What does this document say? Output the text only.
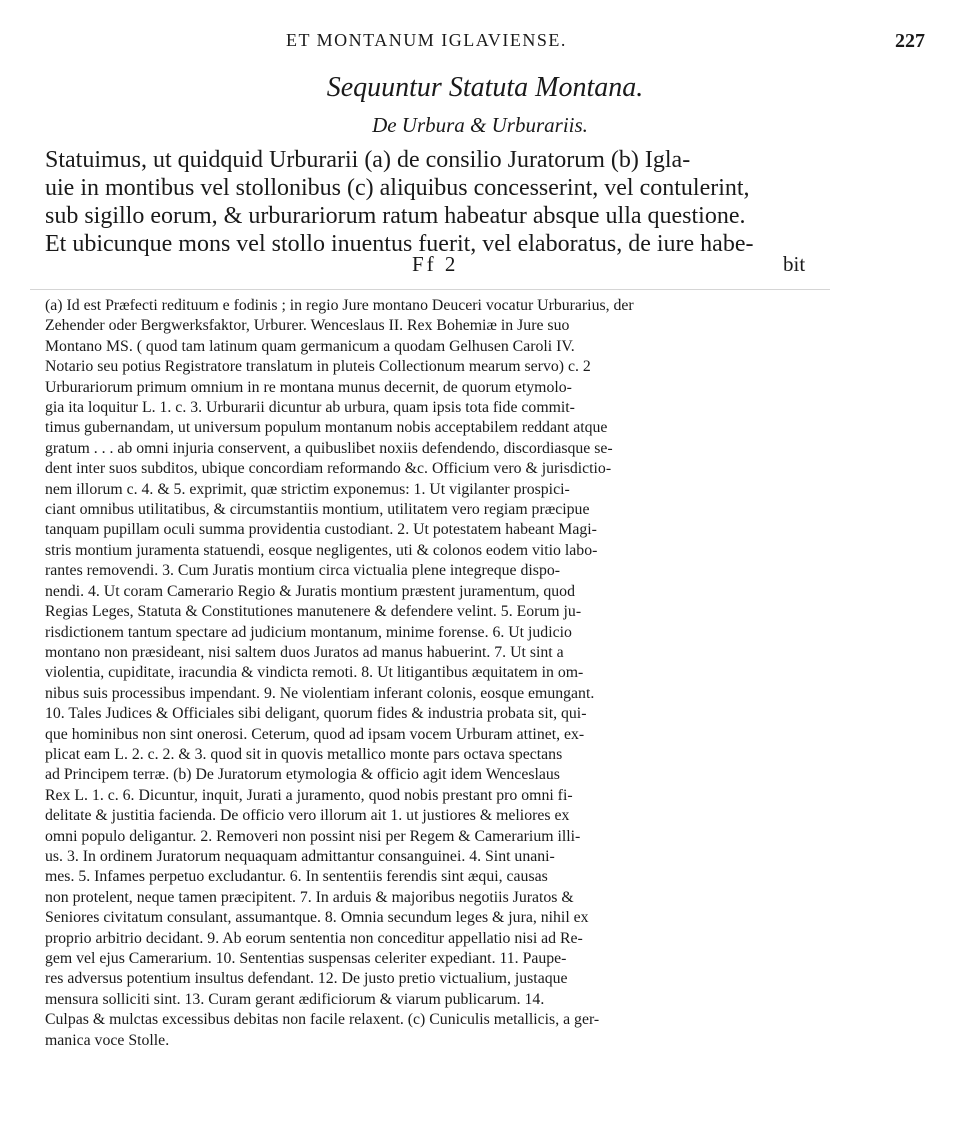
ET MONTANUM IGLAVIENSE.	227
Sequuntur Statuta Montana.
De Urbura & Urburariis.
Statuimus, ut quidquid Urburarii (a) de consilio Juratorum (b) Igla-
uie in montibus vel stollonibus (c) aliquibus concesserint, vel contulerint,
sub sigillo eorum, & urburariorum ratum habeatur absque ulla questione.
Et ubicunque mons vel stollo inuentus fuerit, vel elaboratus, de iure habe-
Ff 2	bit
(a) Id est Præfecti redituum e fodinis ; in regio Jure montano Deuceri vocatur Urburarius, der
Zehender oder Bergwerksfaktor, Urburer. Wenceslaus II. Rex Bohemiæ in Jure suo
Montano MS. ( quod tam latinum quam germanicum a quodam Gelhusen Caroli IV.
Notario seu potius Registratore translatum in pluteis Collectionum mearum servo) c. 2
Urburariorum primum omnium in re montana munus decernit, de quorum etymolo-
gia ita loquitur L. 1. c. 3. Urburarii dicuntur ab urbura, quam ipsis tota fide commit-
timus gubernandam, ut universum populum montanum nobis acceptabilem reddant atque
gratum . . . ab omni injuria conservent, a quibuslibet noxiis defendendo, discordiasque se-
dent inter suos subditos, ubique concordiam reformando &c. Officium vero & jurisdictio-
nem illorum c. 4. & 5. exprimit, quæ strictim exponemus: 1. Ut vigilanter prospici-
ciant omnibus utilitatibus, & circumstantiis montium, utilitatem vero regiam præcipue
tanquam pupillam oculi summa providentia custodiant. 2. Ut potestatem habeant Magi-
stris montium juramenta statuendi, eosque negligentes, uti & colonos eodem vitio labo-
rantes removendi. 3. Cum Juratis montium circa victualia plene integreque dispo-
nendi. 4. Ut coram Camerario Regio & Juratis montium præstent juramentum, quod
Regias Leges, Statuta & Constitutiones manutenere & defendere velint. 5. Eorum ju-
risdictionem tantum spectare ad judicium montanum, minime forense. 6. Ut judicio
montano non præsideant, nisi saltem duos Juratos ad manus habuerint. 7. Ut sint a
violentia, cupiditate, iracundia & vindicta remoti. 8. Ut litigantibus æquitatem in om-
nibus suis processibus impendant. 9. Ne violentiam inferant colonis, eosque emungant.
10. Tales Judices & Officiales sibi deligant, quorum fides & industria probata sit, qui-
que hominibus non sint onerosi. Ceterum, quod ad ipsam vocem Urburam attinet, ex-
plicat eam L. 2. c. 2. & 3. quod sit in quovis metallico monte pars octava spectans
ad Principem terræ. (b) De Juratorum etymologia & officio agit idem Wenceslaus
Rex L. 1. c. 6. Dicuntur, inquit, Jurati a juramento, quod nobis prestant pro omni fi-
delitate & justitia facienda. De officio vero illorum ait 1. ut justiores & meliores ex
omni populo deligantur. 2. Removeri non possint nisi per Regem & Camerarium illi-
us. 3. In ordinem Juratorum nequaquam admittantur consanguinei. 4. Sint unani-
mes. 5. Infames perpetuo excludantur. 6. In sententiis ferendis sint æqui, causas
non protelent, neque tamen præcipitent. 7. In arduis & majoribus negotiis Juratos &
Seniores civitatum consulant, assumantque. 8. Omnia secundum leges & jura, nihil ex
proprio arbitrio decidant. 9. Ab eorum sententia non conceditur appellatio nisi ad Re-
gem vel ejus Camerarium. 10. Sententias suspensas celeriter expediant. 11. Paupe-
res adversus potentium insultus defendant. 12. De justo pretio victualium, justaque
mensura solliciti sint. 13. Curam gerant ædificiorum & viarum publicarum. 14.
Culpas & mulctas excessibus debitas non facile relaxent. (c) Cuniculis metallicis, a ger-
manica voce Stolle.
